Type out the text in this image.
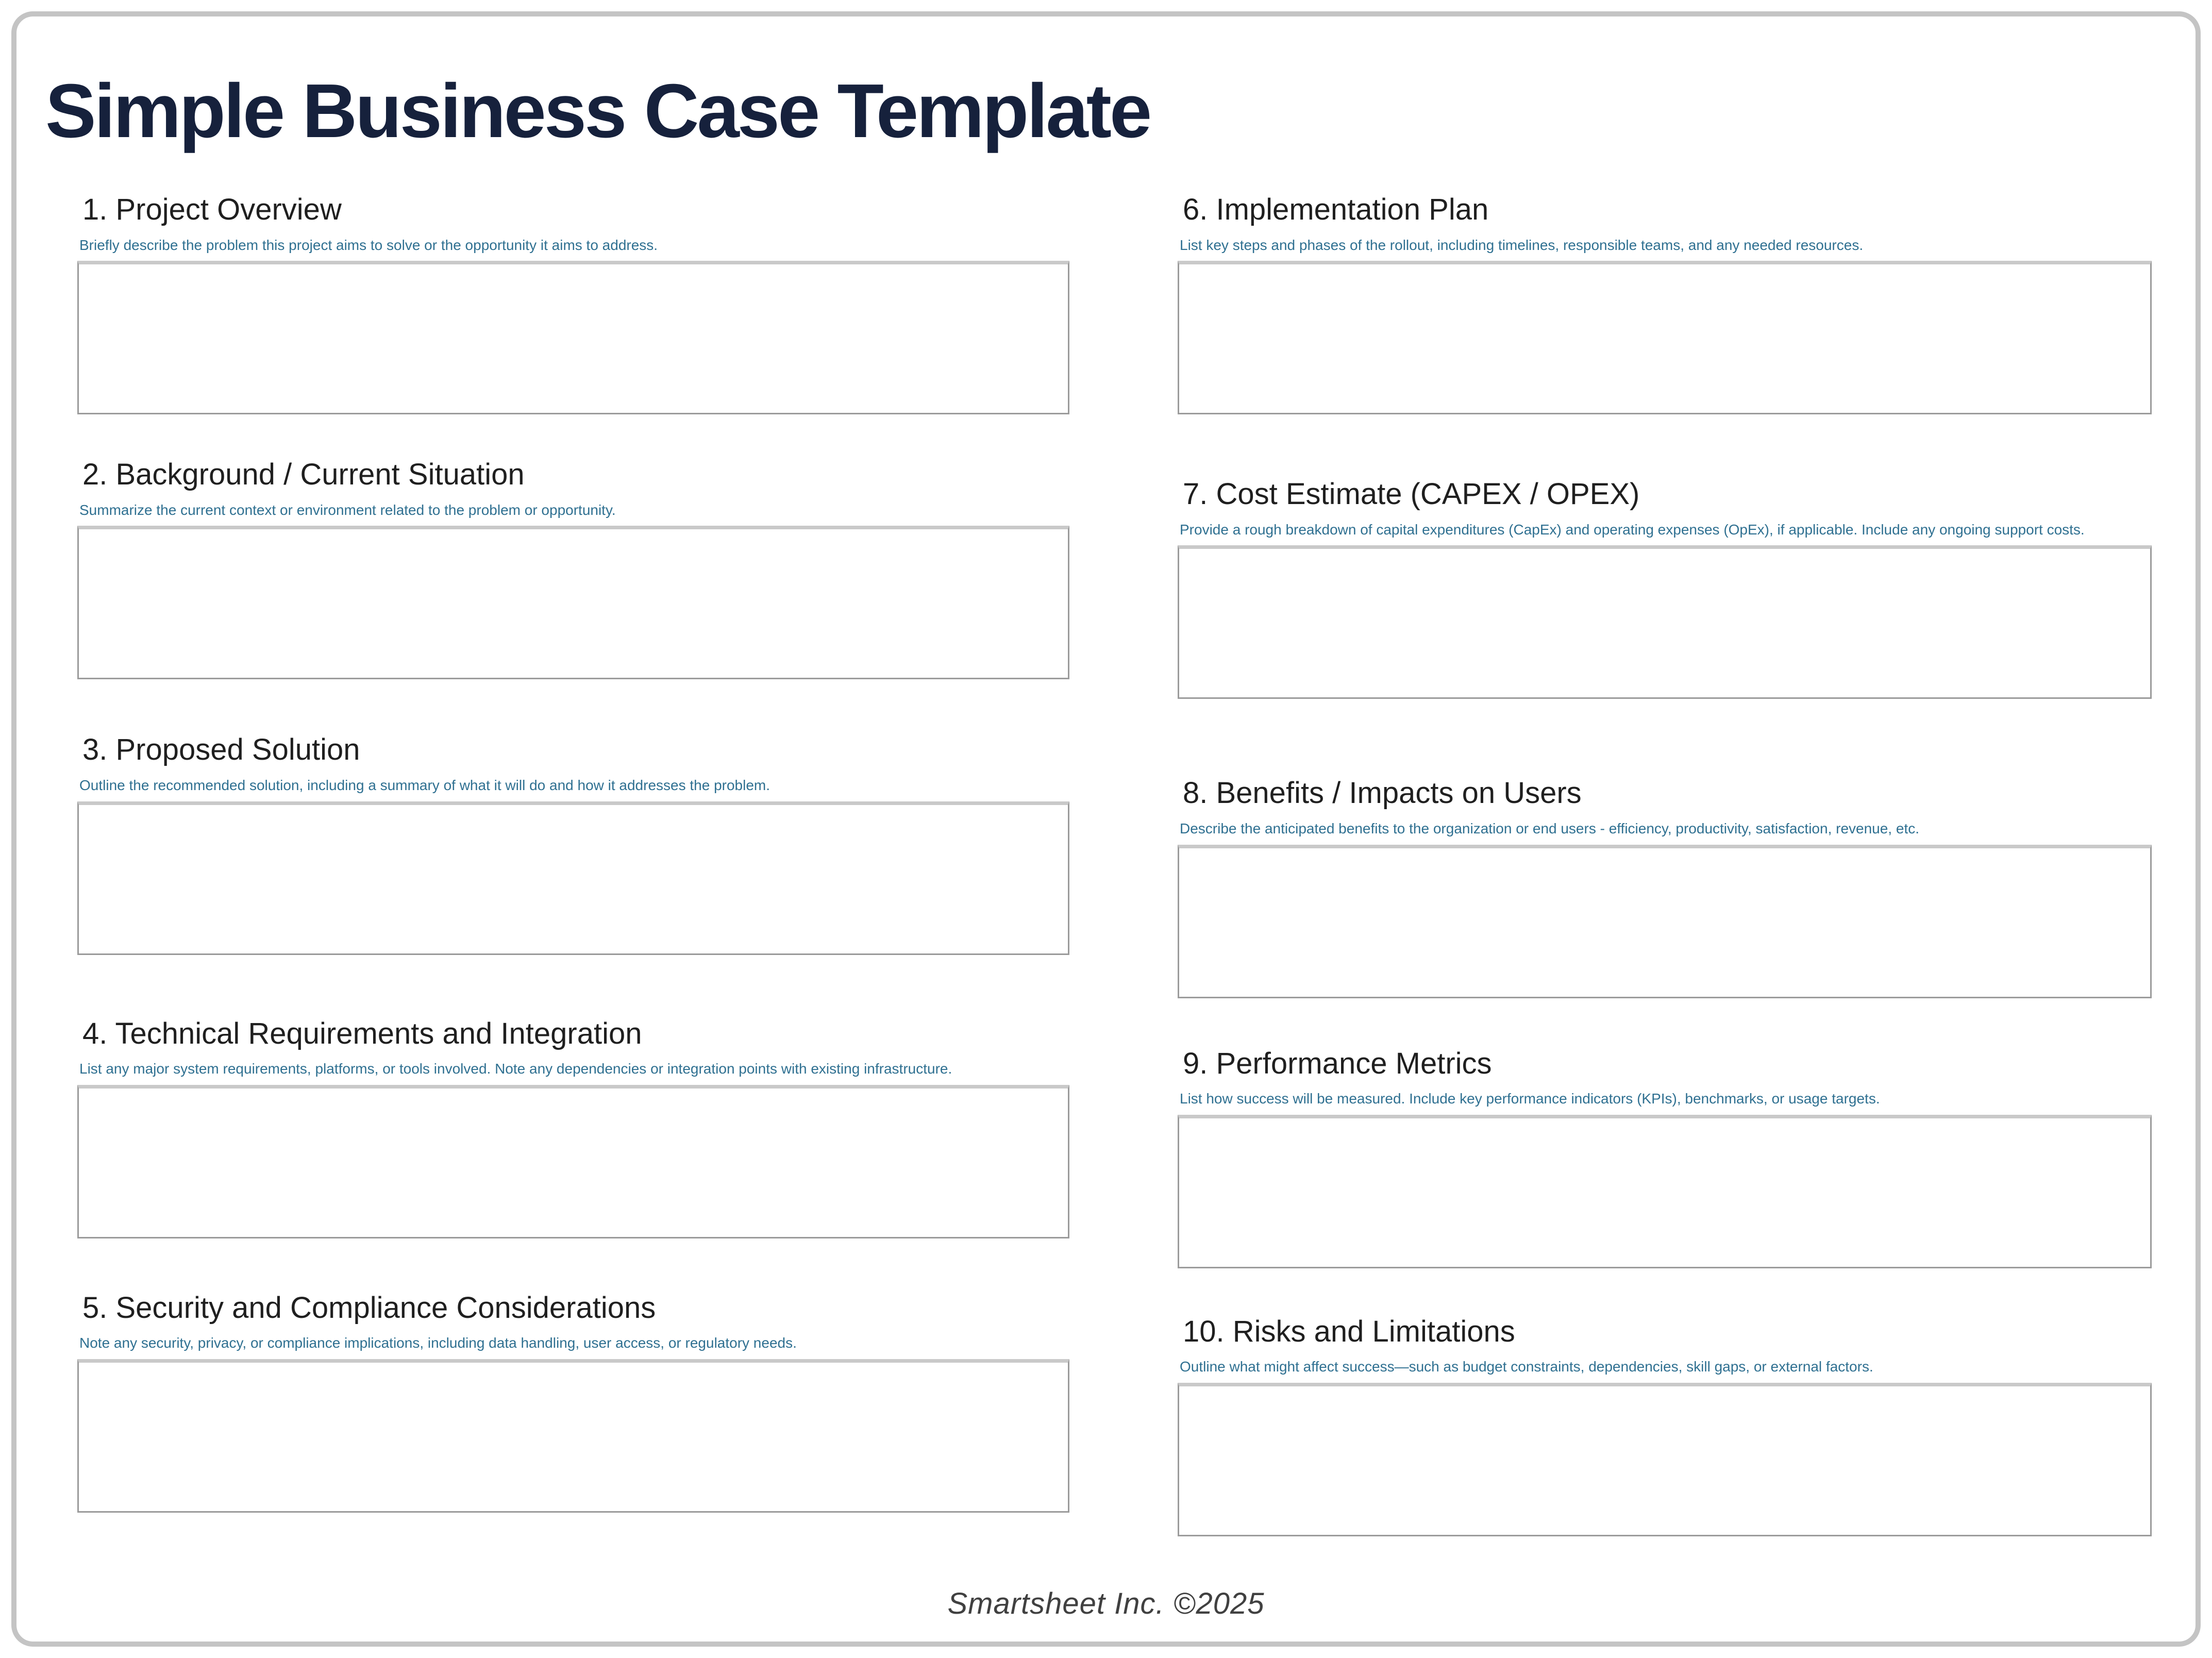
Simple Business Case Template
1. Project Overview

Briefly describe the problem this project aims to solve or the opportunity it aims to address.

2. Background / Current Situation

Summarize the current context or environment related to the problem or opportunity.

3. Proposed Solution

Outline the recommended solution, including a summary of what it will do and how it addresses the problem.

4. Technical Requirements and Integration

List any major system requirements, platforms, or tools involved. Note any dependencies or integration points with existing infrastructure.

5. Security and Compliance Considerations

Note any security, privacy, or compliance implications, including data handling, user access, or regulatory needs.

6. Implementation Plan

List key steps and phases of the rollout, including timelines, responsible teams, and any needed resources.

7. Cost Estimate (CAPEX / OPEX)

Provide a rough breakdown of capital expenditures (CapEx) and operating expenses (OpEx), if applicable. Include any ongoing support costs.

8. Benefits / Impacts on Users

Describe the anticipated benefits to the organization or end users - efficiency, productivity, satisfaction, revenue, etc.

9. Performance Metrics

List how success will be measured. Include key performance indicators (KPIs), benchmarks, or usage targets.

10. Risks and Limitations

Outline what might affect success—such as budget constraints, dependencies, skill gaps, or external factors.

Smartsheet Inc. ©2025
